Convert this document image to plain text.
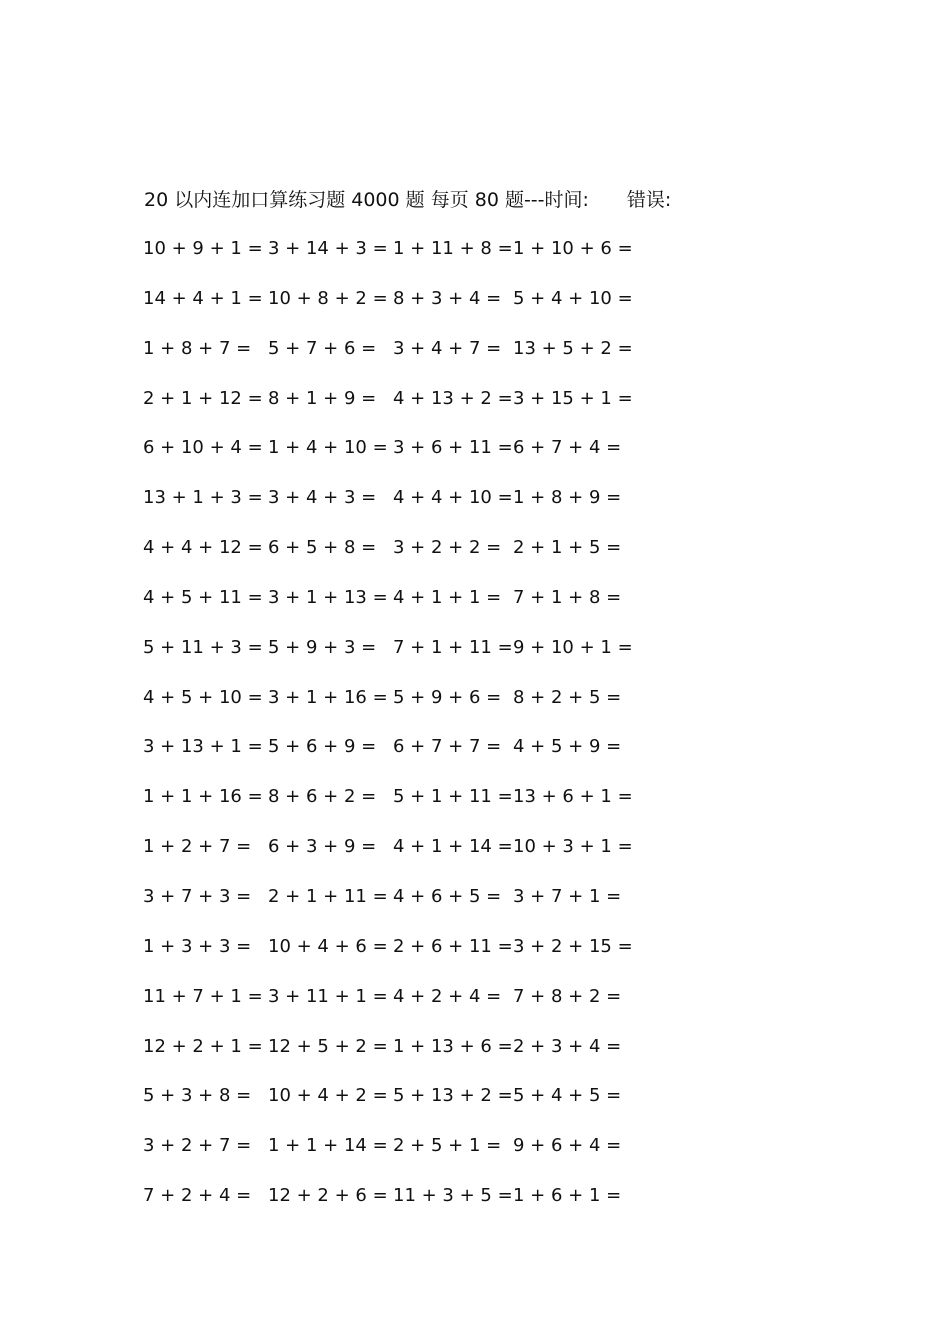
20 以内连加口算练习题 4000 题 每页 80 题---时间: 错误:
10 + 9 + 1 = 3 + 14 + 3 = 1 + 11 + 8 = 1 + 10 + 6 =
14 + 4 + 1 = 10 + 8 + 2 = 8 + 3 + 4 = 5 + 4 + 10 =
1 + 8 + 7 = 5 + 7 + 6 = 3 + 4 + 7 = 13 + 5 + 2 =
2 + 1 + 12 = 8 + 1 + 9 = 4 + 13 + 2 = 3 + 15 + 1 =
6 + 10 + 4 = 1 + 4 + 10 = 3 + 6 + 11 = 6 + 7 + 4 =
13 + 1 + 3 = 3 + 4 + 3 = 4 + 4 + 10 = 1 + 8 + 9 =
4 + 4 + 12 = 6 + 5 + 8 = 3 + 2 + 2 = 2 + 1 + 5 =
4 + 5 + 11 = 3 + 1 + 13 = 4 + 1 + 1 = 7 + 1 + 8 =
5 + 11 + 3 = 5 + 9 + 3 = 7 + 1 + 11 = 9 + 10 + 1 =
4 + 5 + 10 = 3 + 1 + 16 = 5 + 9 + 6 = 8 + 2 + 5 =
3 + 13 + 1 = 5 + 6 + 9 = 6 + 7 + 7 = 4 + 5 + 9 =
1 + 1 + 16 = 8 + 6 + 2 = 5 + 1 + 11 = 13 + 6 + 1 =
1 + 2 + 7 = 6 + 3 + 9 = 4 + 1 + 14 = 10 + 3 + 1 =
3 + 7 + 3 = 2 + 1 + 11 = 4 + 6 + 5 = 3 + 7 + 1 =
1 + 3 + 3 = 10 + 4 + 6 = 2 + 6 + 11 = 3 + 2 + 15 =
11 + 7 + 1 = 3 + 11 + 1 = 4 + 2 + 4 = 7 + 8 + 2 =
12 + 2 + 1 = 12 + 5 + 2 = 1 + 13 + 6 = 2 + 3 + 4 =
5 + 3 + 8 = 10 + 4 + 2 = 5 + 13 + 2 = 5 + 4 + 5 =
3 + 2 + 7 = 1 + 1 + 14 = 2 + 5 + 1 = 9 + 6 + 4 =
7 + 2 + 4 = 12 + 2 + 6 = 11 + 3 + 5 = 1 + 6 + 1 =
